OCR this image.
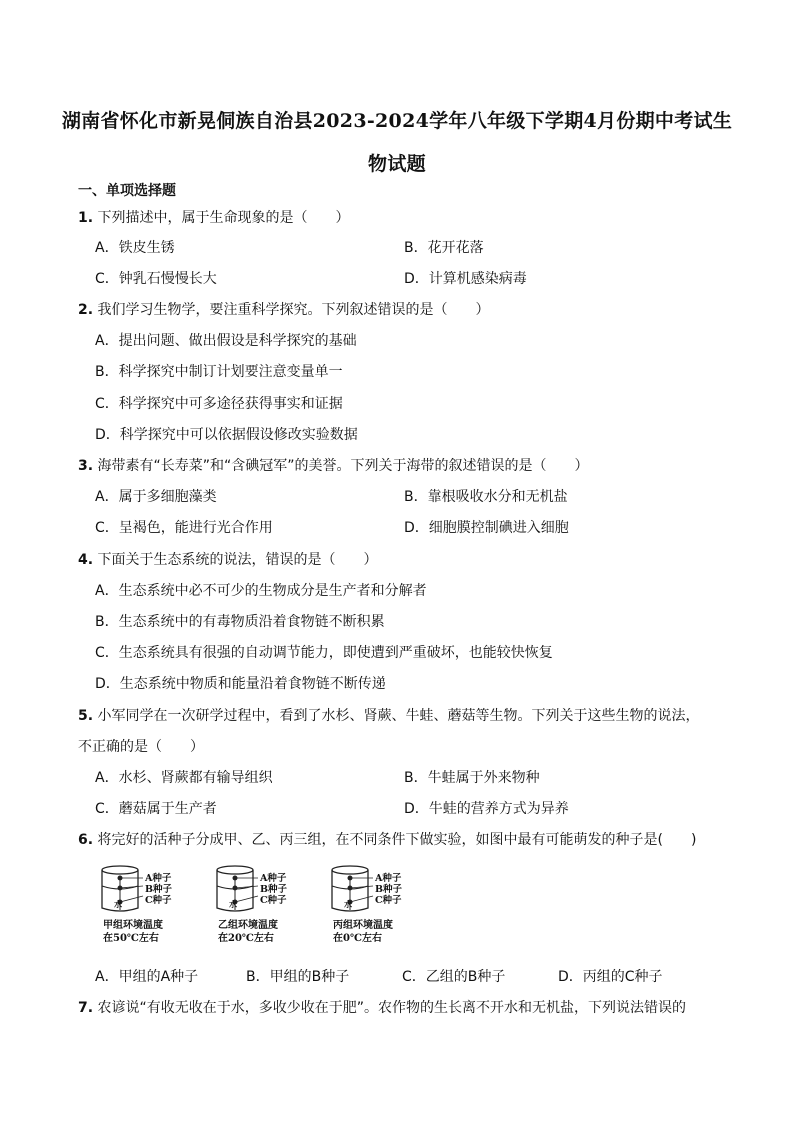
湖南省怀化市新晃侗族自治县2023-2024学年八年级下学期4月份期中考试生
物试题
一、单项选择题
1. 下列描述中，属于生命现象的是（　　）
A．铁皮生锈	B．花开花落
C．钟乳石慢慢长大	D．计算机感染病毒
2. 我们学习生物学，要注重科学探究。下列叙述错误的是（　　）
A．提出问题、做出假设是科学探究的基础
B．科学探究中制订计划要注意变量单一
C．科学探究中可多途径获得事实和证据
D．科学探究中可以依据假设修改实验数据
3. 海带素有“长寿菜”和“含碘冠军”的美誉。下列关于海带的叙述错误的是（　　）
A．属于多细胞藻类	B．靠根吸收水分和无机盐
C．呈褐色，能进行光合作用	D．细胞膜控制碘进入细胞
4. 下面关于生态系统的说法，错误的是（　　）
A．生态系统中必不可少的生物成分是生产者和分解者
B．生态系统中的有毒物质沿着食物链不断积累
C．生态系统具有很强的自动调节能力，即使遭到严重破坏，也能较快恢复
D．生态系统中物质和能量沿着食物链不断传递
5. 小军同学在一次研学过程中，看到了水杉、肾蕨、牛蛙、蘑菇等生物。下列关于这些生物的说法，
不正确的是（　　）
A．水杉、肾蕨都有输导组织	B．牛蛙属于外来物种
C．蘑菇属于生产者	D．牛蛙的营养方式为异养
6. 将完好的活种子分成甲、乙、丙三组，在不同条件下做实验，如图中最有可能萌发的种子是(　　)
A种子
B种子
C种子
水
甲组环境温度
在50℃左右
A种子
B种子
C种子
水
乙组环境温度
在20℃左右
A种子
B种子
C种子
水
丙组环境温度
在0℃左右
A．甲组的A种子	B．甲组的B种子	C．乙组的B种子	D．丙组的C种子
7. 农谚说“有收无收在于水，多收少收在于肥”。农作物的生长离不开水和无机盐，下列说法错误的
